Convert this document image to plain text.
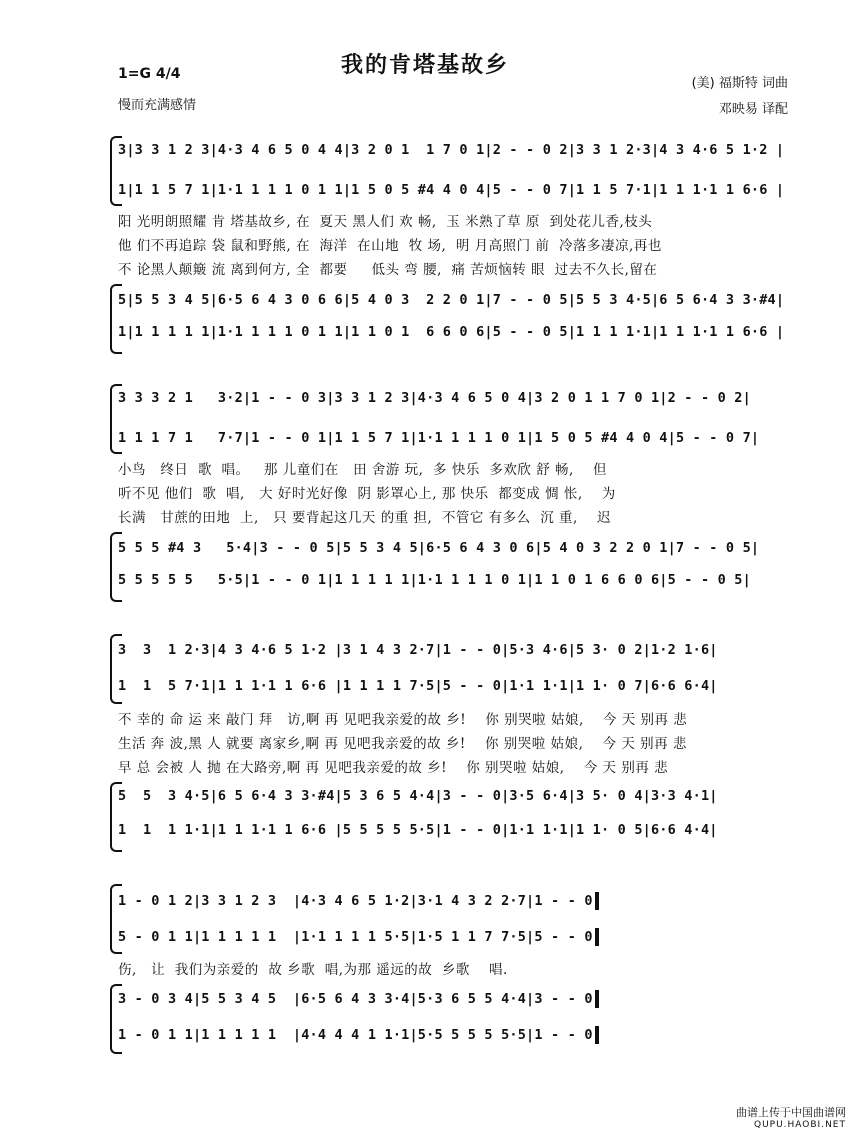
我的肯塔基故乡
1=G 4/4
慢而充满感情
(美) 福斯特 词曲
邓映易 译配
3|3 3 1 2 3|4·3 4 6 5 0 4 4|3 2 0 1  1 7 0 1|2 - - 0 2|3 3 1 2·3|4 3 4·6 5 1·2 |
1|1 1 5 7 1|1·1 1 1 1 0 1 1|1 5 0 5 #4 4 0 4|5 - - 0 7|1 1 5 7·1|1 1 1·1 1 6·6 |
阳 光明朗照耀 肯 塔基故乡, 在  夏天 黑人们 欢 畅,  玉 米熟了草 原  到处花儿香,枝头
他 们不再追踪 袋 鼠和野熊, 在  海洋  在山地  牧 场,  明 月高照门 前  冷落多凄凉,再也
不 论黑人颠簸 流 离到何方, 全  都要     低头 弯 腰,  痛 苦烦恼转 眼  过去不久长,留在
5|5 5 3 4 5|6·5 6 4 3 0 6 6|5 4 0 3  2 2 0 1|7 - - 0 5|5 5 3 4·5|6 5 6·4 3 3·#4|
1|1 1 1 1 1|1·1 1 1 1 0 1 1|1 1 0 1  6 6 0 6|5 - - 0 5|1 1 1 1·1|1 1 1·1 1 6·6 |
3 3 3 2 1   3·2|1 - - 0 3|3 3 1 2 3|4·3 4 6 5 0 4|3 2 0 1 1 7 0 1|2 - - 0 2|
1 1 1 7 1   7·7|1 - - 0 1|1 1 5 7 1|1·1 1 1 1 0 1|1 5 0 5 #4 4 0 4|5 - - 0 7|
小鸟   终日  歌  唱。   那 儿童们在   田 舍游 玩,  多 快乐  多欢欣 舒 畅,    但
听不见 他们  歌  唱,   大 好时光好像  阴 影罩心上, 那 快乐  都变成 惆 怅,    为
长满   甘蔗的田地  上,   只 要背起这几天 的重 担,  不管它 有多么  沉 重,    迟
5 5 5 #4 3   5·4|3 - - 0 5|5 5 3 4 5|6·5 6 4 3 0 6|5 4 0 3 2 2 0 1|7 - - 0 5|
5 5 5 5 5   5·5|1 - - 0 1|1 1 1 1 1|1·1 1 1 1 0 1|1 1 0 1 6 6 0 6|5 - - 0 5|
3  3  1 2·3|4 3 4·6 5 1·2 |3 1 4 3 2·7|1 - - 0|5·3 4·6|5 3· 0 2|1·2 1·6|
1  1  5 7·1|1 1 1·1 1 6·6 |1 1 1 1 7·5|5 - - 0|1·1 1·1|1 1· 0 7|6·6 6·4|
不 幸的 命 运 来 敲门 拜   访,啊 再 见吧我亲爱的故 乡!    你 别哭啦 姑娘,    今 天 别再 悲
生活 奔 波,黑 人 就要 离家乡,啊 再 见吧我亲爱的故 乡!    你 别哭啦 姑娘,    今 天 别再 悲
早 总 会被 人 抛 在大路旁,啊 再 见吧我亲爱的故 乡!    你 别哭啦 姑娘,    今 天 别再 悲
5  5  3 4·5|6 5 6·4 3 3·#4|5 3 6 5 4·4|3 - - 0|3·5 6·4|3 5· 0 4|3·3 4·1|
1  1  1 1·1|1 1 1·1 1 6·6 |5 5 5 5 5·5|1 - - 0|1·1 1·1|1 1· 0 5|6·6 4·4|
1 - 0 1 2|3 3 1 2 3  |4·3 4 6 5 1·2|3·1 4 3 2 2·7|1 - - 0
5 - 0 1 1|1 1 1 1 1  |1·1 1 1 1 5·5|1·5 1 1 7 7·5|5 - - 0
伤,   让  我们为亲爱的  故 乡歌  唱,为那 遥远的故  乡歌    唱.
3 - 0 3 4|5 5 3 4 5  |6·5 6 4 3 3·4|5·3 6 5 5 4·4|3 - - 0
1 - 0 1 1|1 1 1 1 1  |4·4 4 4 1 1·1|5·5 5 5 5 5·5|1 - - 0
曲谱上传于中国曲谱网
QUPU.HAOBI.NET
